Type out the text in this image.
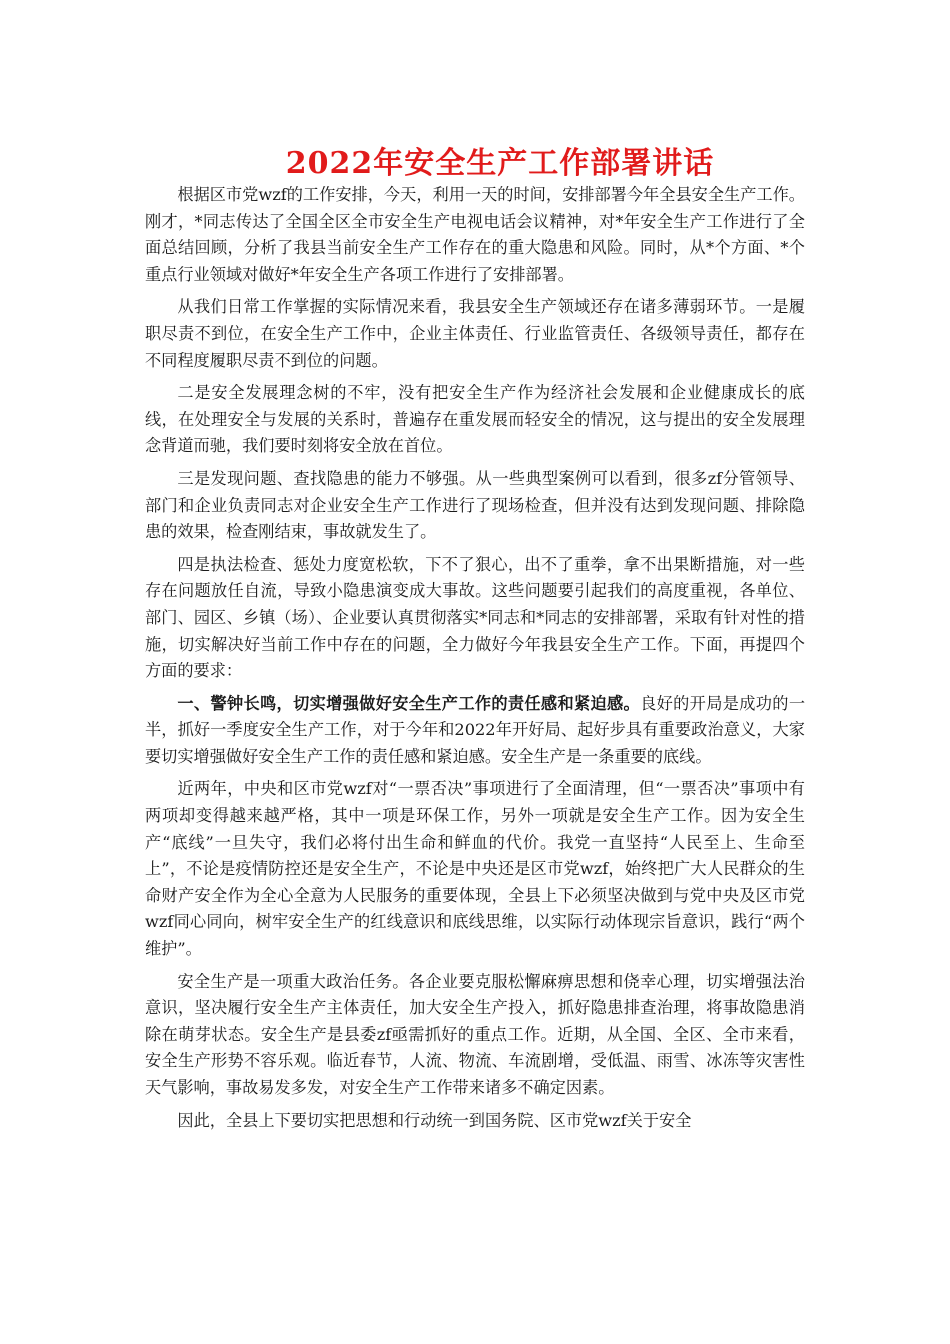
2022年安全生产工作部署讲话

根据区市党wzf的工作安排，今天，利用一天的时间，安排部署今年全县安全生产工作。刚才，*同志传达了全国全区全市安全生产电视电话会议精神，对*年安全生产工作进行了全面总结回顾，分析了我县当前安全生产工作存在的重大隐患和风险。同时，从*个方面、*个重点行业领域对做好*年安全生产各项工作进行了安排部署。

从我们日常工作掌握的实际情况来看，我县安全生产领域还存在诸多薄弱环节。一是履职尽责不到位，在安全生产工作中，企业主体责任、行业监管责任、各级领导责任，都存在不同程度履职尽责不到位的问题。

二是安全发展理念树的不牢，没有把安全生产作为经济社会发展和企业健康成长的底线，在处理安全与发展的关系时，普遍存在重发展而轻安全的情况，这与提出的安全发展理念背道而驰，我们要时刻将安全放在首位。

三是发现问题、查找隐患的能力不够强。从一些典型案例可以看到，很多zf分管领导、部门和企业负责同志对企业安全生产工作进行了现场检查，但并没有达到发现问题、排除隐患的效果，检查刚结束，事故就发生了。

四是执法检查、惩处力度宽松软，下不了狠心，出不了重拳，拿不出果断措施，对一些存在问题放任自流，导致小隐患演变成大事故。这些问题要引起我们的高度重视，各单位、部门、园区、乡镇（场）、企业要认真贯彻落实*同志和*同志的安排部署，采取有针对性的措施，切实解决好当前工作中存在的问题，全力做好今年我县安全生产工作。下面，再提四个方面的要求：

一、警钟长鸣，切实增强做好安全生产工作的责任感和紧迫感。良好的开局是成功的一半，抓好一季度安全生产工作，对于今年和2022年开好局、起好步具有重要政治意义，大家要切实增强做好安全生产工作的责任感和紧迫感。安全生产是一条重要的底线。

近两年，中央和区市党wzf对“一票否决”事项进行了全面清理，但“一票否决”事项中有两项却变得越来越严格，其中一项是环保工作，另外一项就是安全生产工作。因为安全生产“底线”一旦失守，我们必将付出生命和鲜血的代价。我党一直坚持“人民至上、生命至上”，不论是疫情防控还是安全生产，不论是中央还是区市党wzf，始终把广大人民群众的生命财产安全作为全心全意为人民服务的重要体现，全县上下必须坚决做到与党中央及区市党wzf同心同向，树牢安全生产的红线意识和底线思维，以实际行动体现宗旨意识，践行“两个维护”。

安全生产是一项重大政治任务。各企业要克服松懈麻痹思想和侥幸心理，切实增强法治意识，坚决履行安全生产主体责任，加大安全生产投入，抓好隐患排查治理，将事故隐患消除在萌芽状态。安全生产是县委zf亟需抓好的重点工作。近期，从全国、全区、全市来看，安全生产形势不容乐观。临近春节，人流、物流、车流剧增，受低温、雨雪、冰冻等灾害性天气影响，事故易发多发，对安全生产工作带来诸多不确定因素。

因此，全县上下要切实把思想和行动统一到国务院、区市党wzf关于安全
